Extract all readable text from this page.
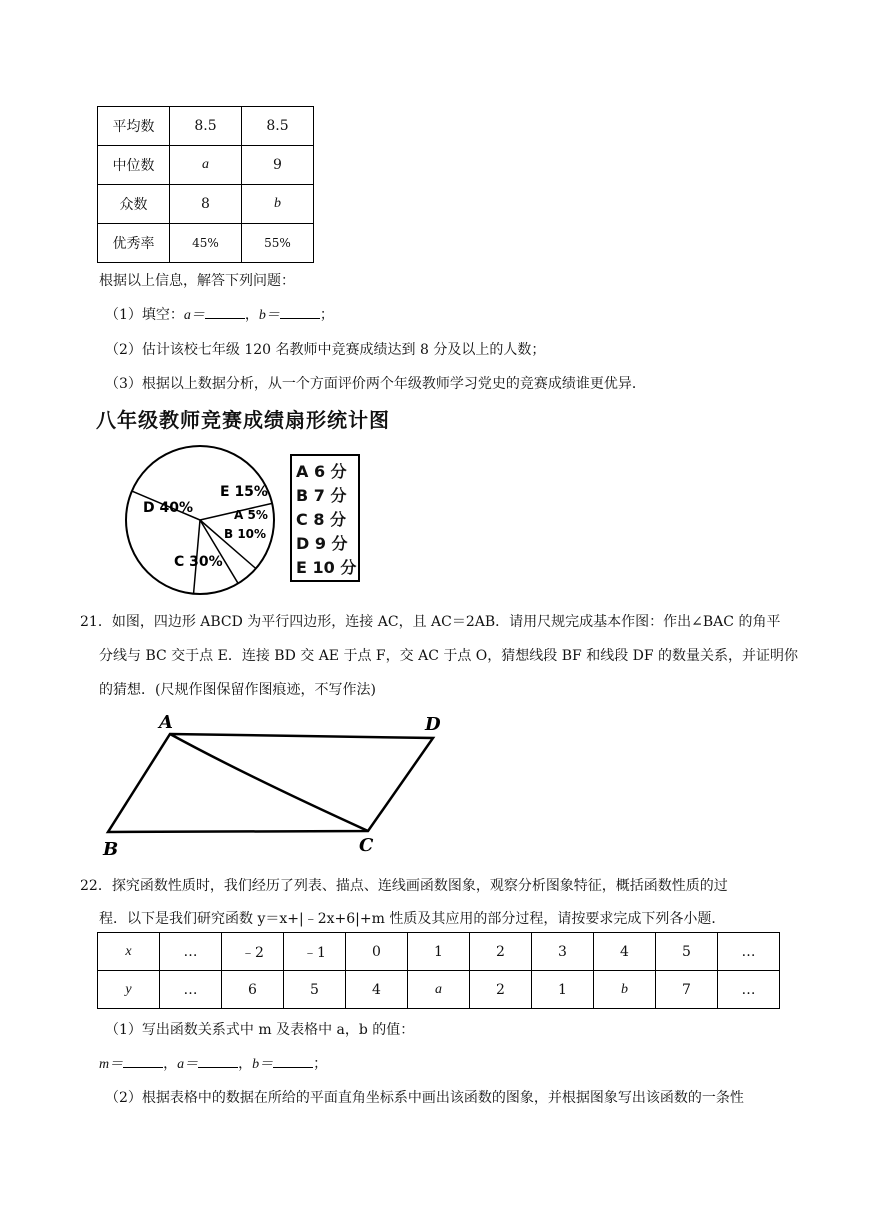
平均数	8.5	8.5
中位数	a	9
众数	8	b
优秀率	45%	55%
根据以上信息，解答下列问题：
（1）填空：a＝	，b＝	；
（2）估计该校七年级 120 名教师中竞赛成绩达到 8 分及以上的人数；
（3）根据以上数据分析，从一个方面评价两个年级教师学习党史的竞赛成绩谁更优异．
八年级教师竞赛成绩扇形统计图
D 40%
E 15%
A 5%
B 10%
C 30%
A 6 分
B 7 分
C 8 分
D 9 分
E 10 分
21．如图，四边形 ABCD 为平行四边形，连接 AC，且 AC＝2AB．请用尺规完成基本作图：作出∠BAC 的角平
分线与 BC 交于点 E．连接 BD 交 AE 于点 F，交 AC 于点 O，猜想线段 BF 和线段 DF 的数量关系，并证明你
的猜想．(尺规作图保留作图痕迹，不写作法)
A	D
B	C
22．探究函数性质时，我们经历了列表、描点、连线画函数图象，观察分析图象特征，概括函数性质的过
程．以下是我们研究函数 y＝x+|﹣2x+6|+m 性质及其应用的部分过程，请按要求完成下列各小题．
x	…	﹣2	﹣1	0	1	2	3	4	5	…
y	…	6	5	4	a	2	1	b	7	…
（1）写出函数关系式中 m 及表格中 a，b 的值：
m＝	，a＝	，b＝	；
（2）根据表格中的数据在所给的平面直角坐标系中画出该函数的图象，并根据图象写出该函数的一条性
